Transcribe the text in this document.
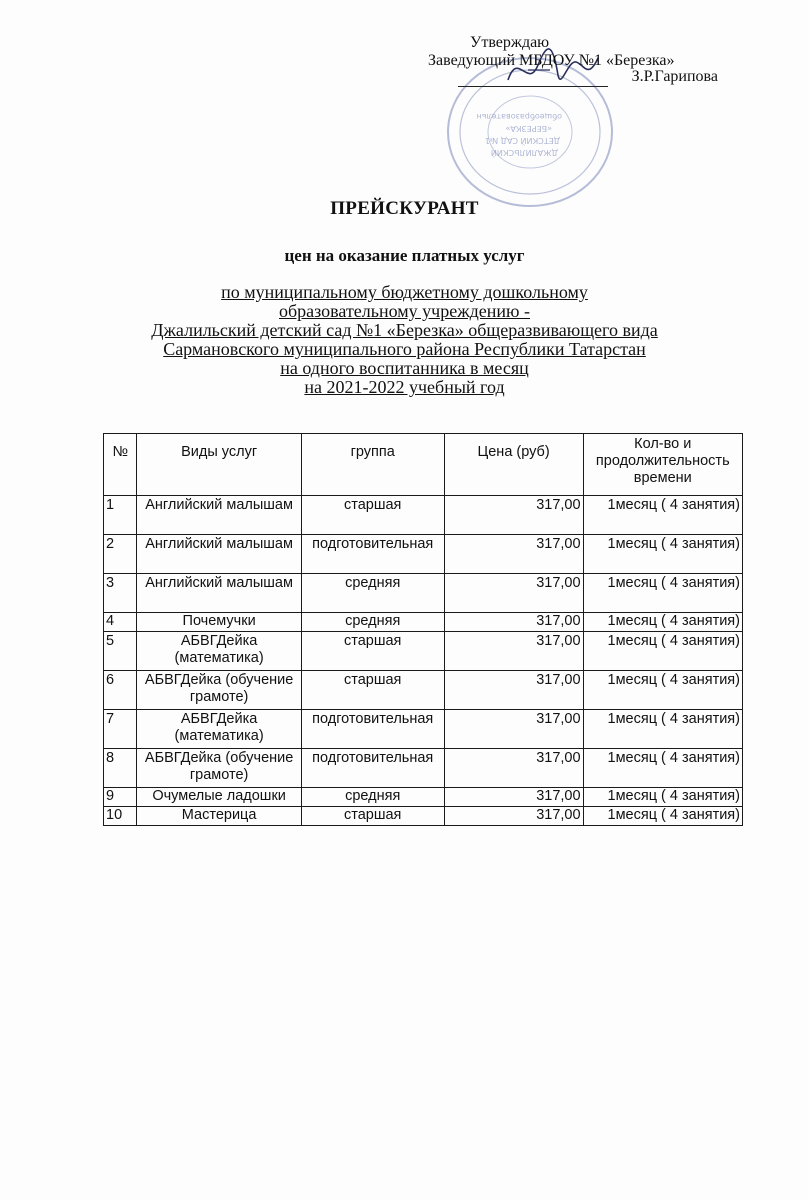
ДЖАЛИЛЬСКИЙ
ДЕТСКИЙ САД №1
«БЕРЕЗКА»
общеобразовательн
Утверждаю
Заведующий МБДОУ №1 «Березка»
З.Р.Гарипова
ПРЕЙСКУРАНТ
цен на оказание платных услуг
по муниципальному бюджетному дошкольному
образовательному учреждению -
Джалильский детский сад №1 «Березка» общеразвивающего вида
Сармановского муниципального района Республики Татарстан
на одного воспитанника в месяц
на 2021-2022 учебный год
№	Виды услуг	группа	Цена (руб)	Кол-во и продолжительность времени
1	Английский малышам	старшая	317,00	1месяц ( 4 занятия)
2	Английский малышам	подготовительная	317,00	1месяц ( 4 занятия)
3	Английский малышам	средняя	317,00	1месяц ( 4 занятия)
4	Почемучки	средняя	317,00	1месяц ( 4 занятия)
5	АБВГДейка (математика)	старшая	317,00	1месяц ( 4 занятия)
6	АБВГДейка (обучение грамоте)	старшая	317,00	1месяц ( 4 занятия)
7	АБВГДейка (математика)	подготовительная	317,00	1месяц ( 4 занятия)
8	АБВГДейка (обучение грамоте)	подготовительная	317,00	1месяц ( 4 занятия)
9	Очумелые ладошки	средняя	317,00	1месяц ( 4 занятия)
10	Мастерица	старшая	317,00	1месяц ( 4 занятия)
